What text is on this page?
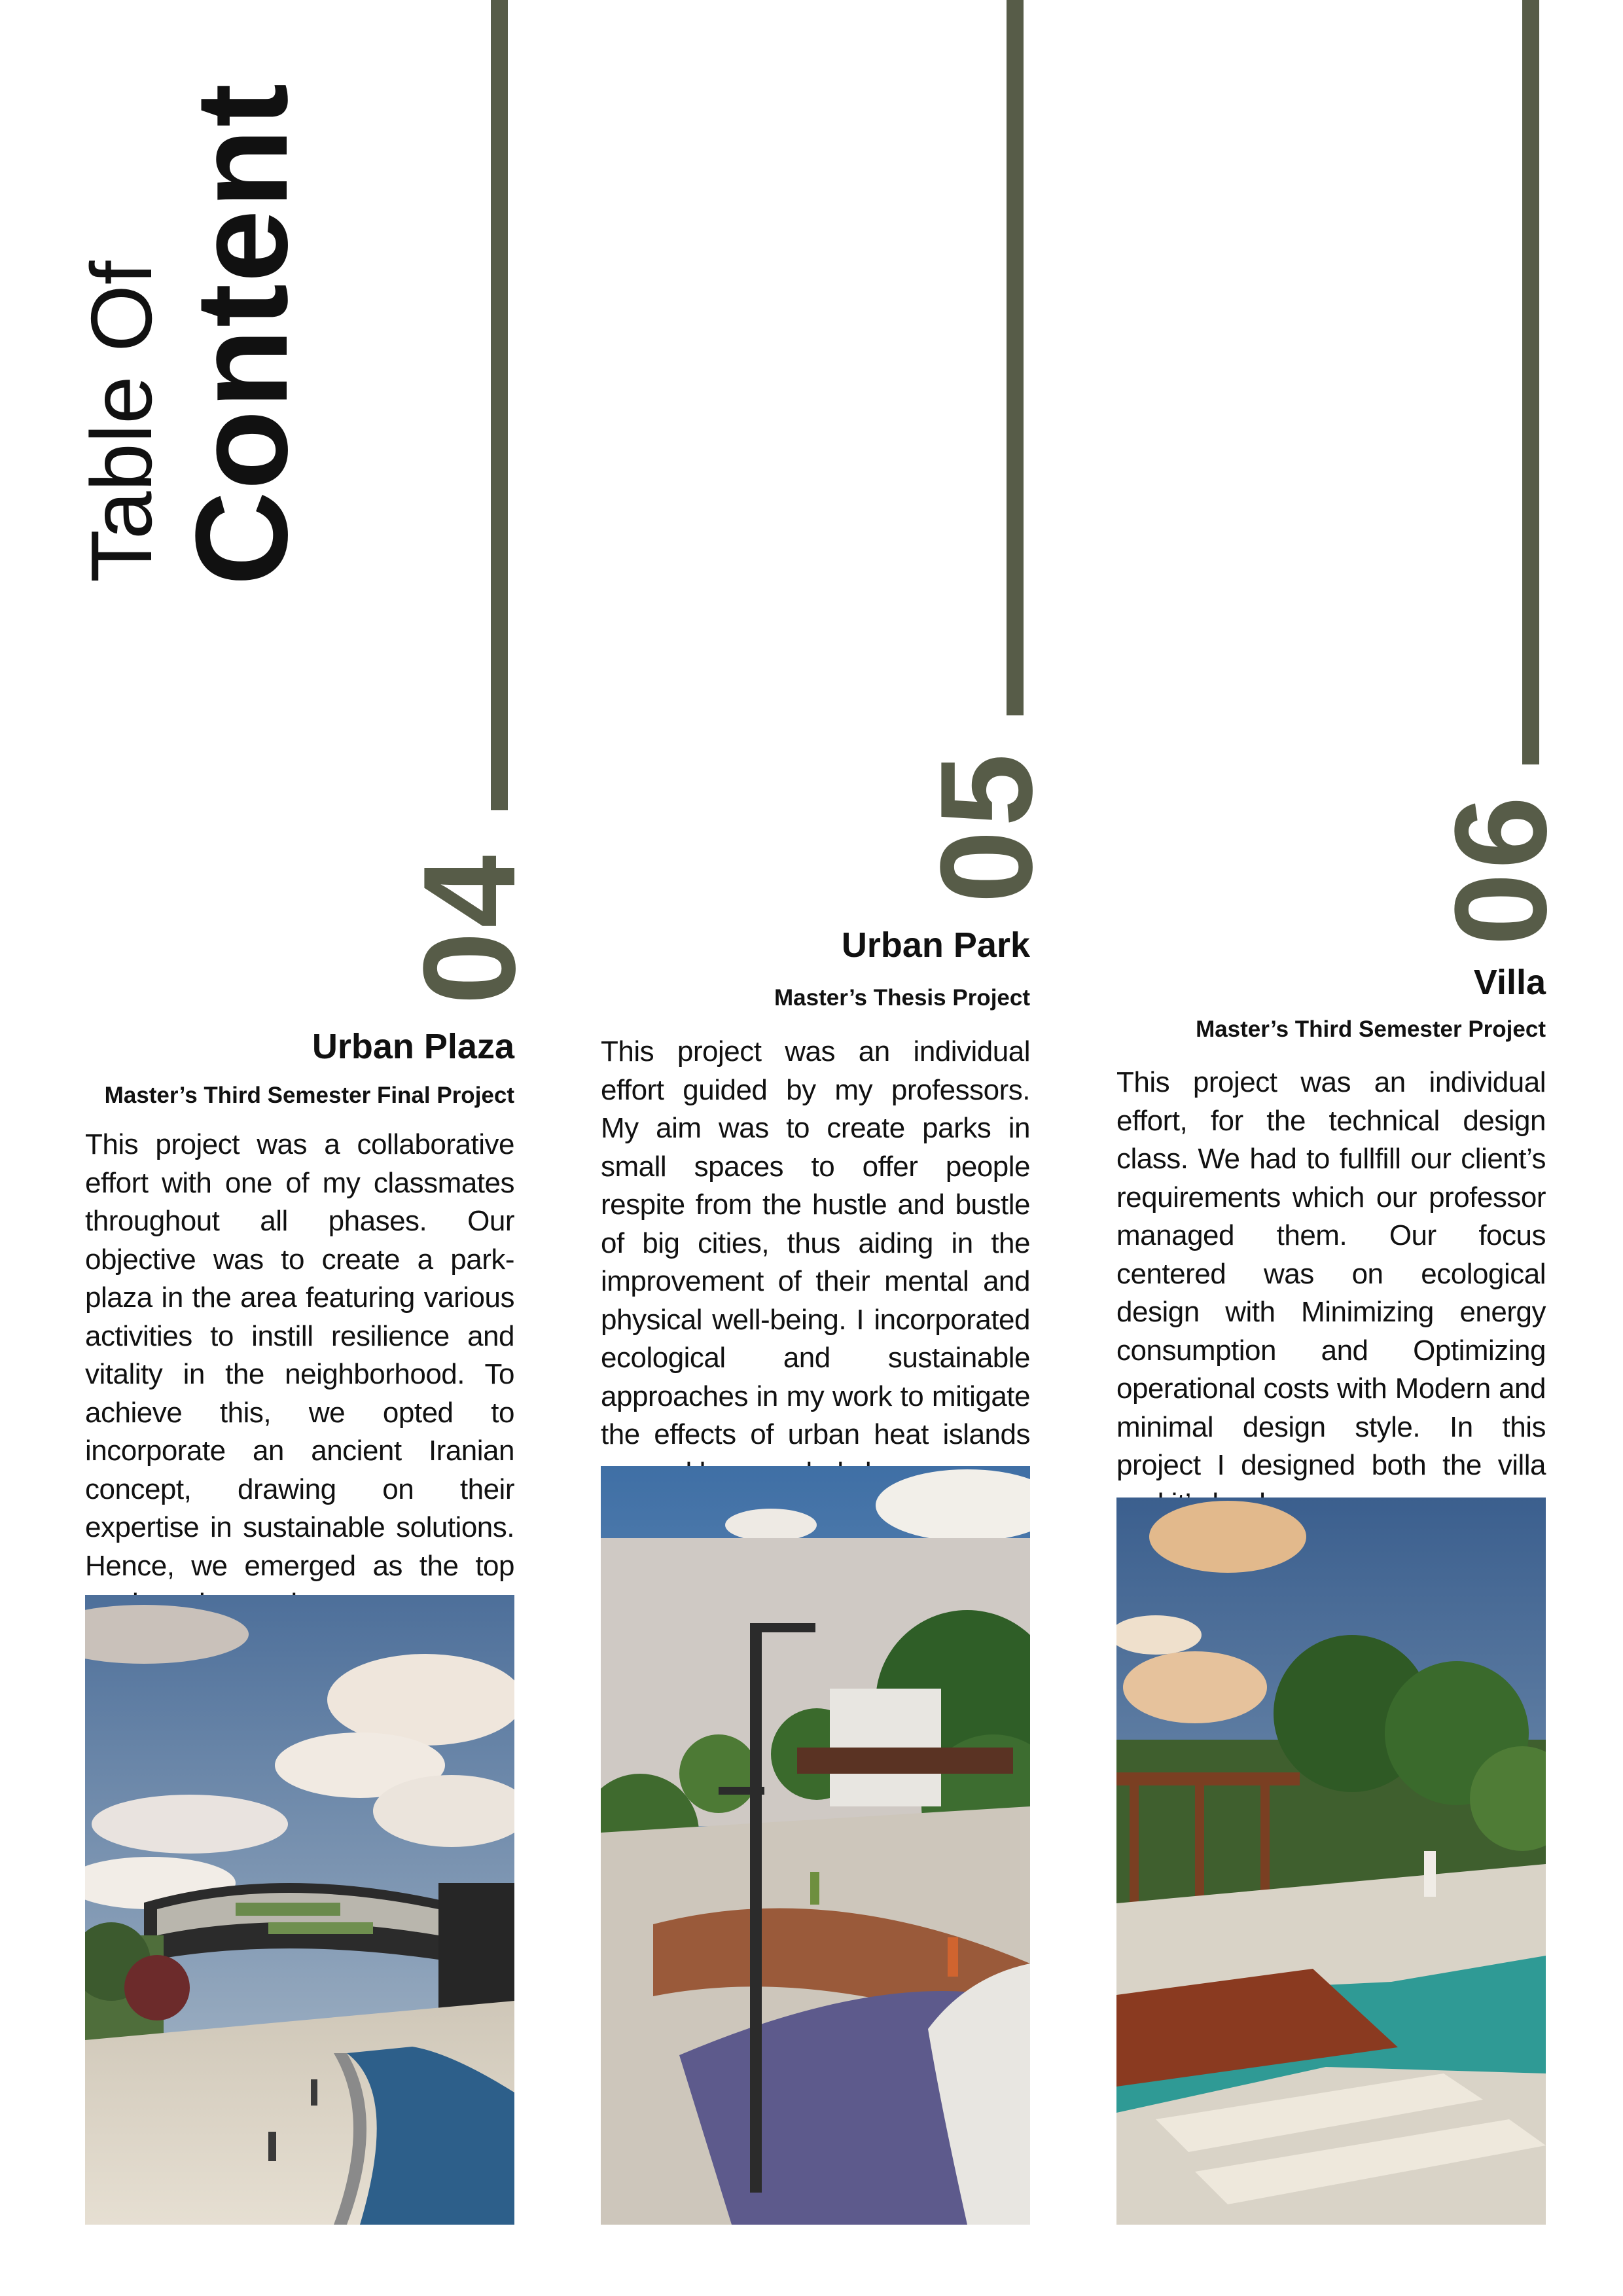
Table Of Content
04
05	06
Urban Plaza
Master’s Third Semester Final Project
This project was a collaborative effort with one of my classmates throughout all phases. Our objective was to create a park-plaza in the area featuring various activities to instill resilience and vitality in the neighborhood. To achieve this, we opted to incorporate an ancient Iranian concept, drawing on their expertise in sustainable solutions. Hence, we emerged as the top
Urban Park
Master’s Thesis Project
This project was an individual effort guided by my professors. My aim was to create parks in small spaces to offer people respite from the hustle and bustle of big cities, thus aiding in the improvement of their mental and physical well-being. I incorporated ecological and sustainable approaches in my work to mitigate the effects of urban heat islands
Villa
Master’s Third Semester Project
This project was an individual effort, for the technical design class. We had to fullfill our client’s requirements which our professor managed them. Our focus centered was on ecological design with Minimizing energy consumption and Optimizing operational costs with Modern and minimal design style. In this project I designed both the villa
